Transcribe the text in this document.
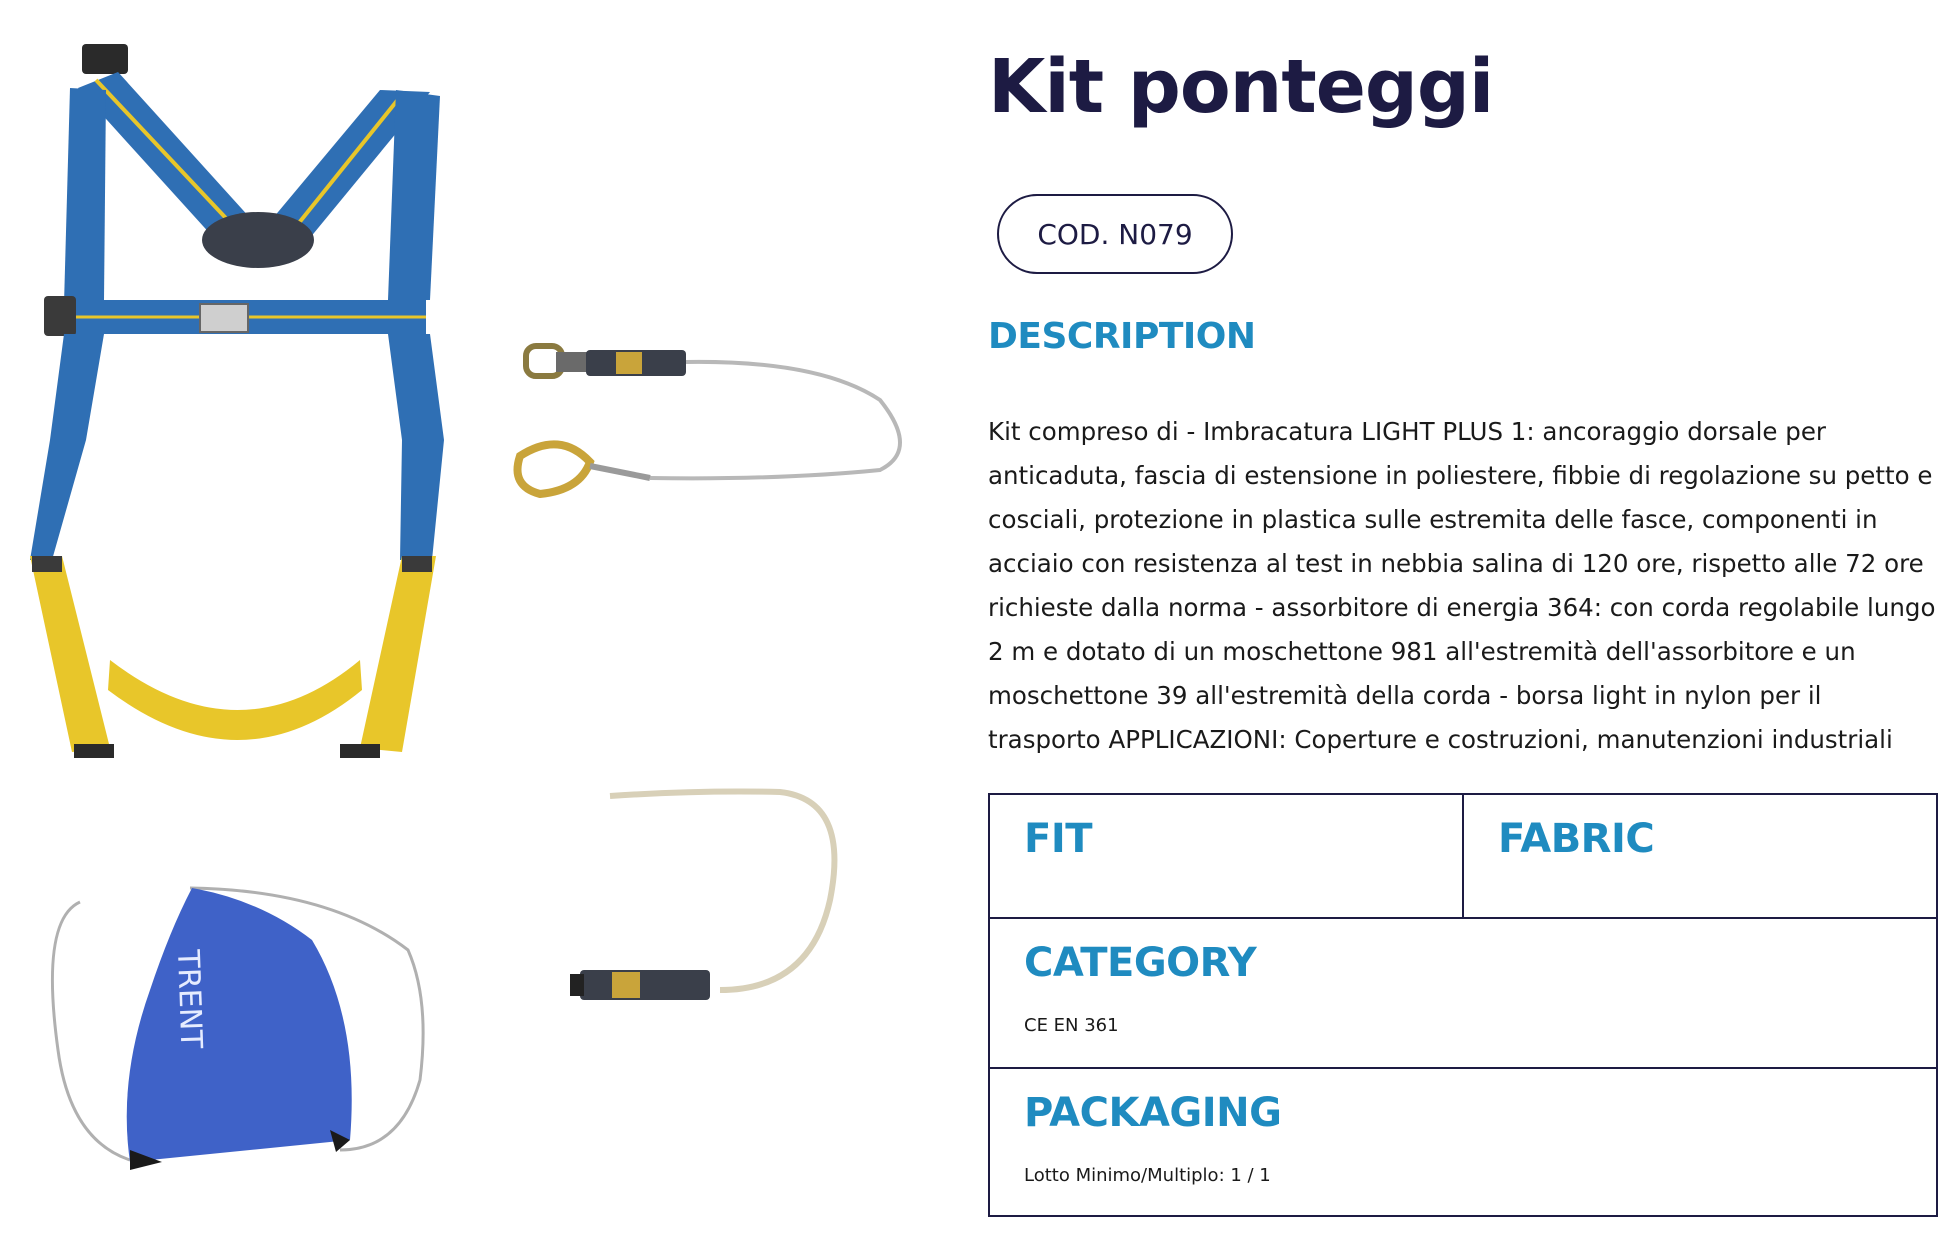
TRENT
Kit ponteggi
COD. N079
DESCRIPTION

Kit compreso di - Imbracatura LIGHT PLUS 1: ancoraggio dorsale per anticaduta, fascia di estensione in poliestere, fibbie di regolazione su petto e cosciali, protezione in plastica sulle estremita delle fasce, componenti in acciaio con resistenza al test in nebbia salina di 120 ore, rispetto alle 72 ore richieste dalla norma - assorbitore di energia 364: con corda regolabile lungo 2 m e dotato di un moschettone 981 all'estremità dell'assorbitore e un moschettone 39 all'estremità della corda - borsa light in nylon per il trasporto APPLICAZIONI: Coperture e costruzioni, manutenzioni industriali

FIT	FABRIC
CATEGORY
CE EN 361
PACKAGING
Lotto Minimo/Multiplo: 1 / 1
